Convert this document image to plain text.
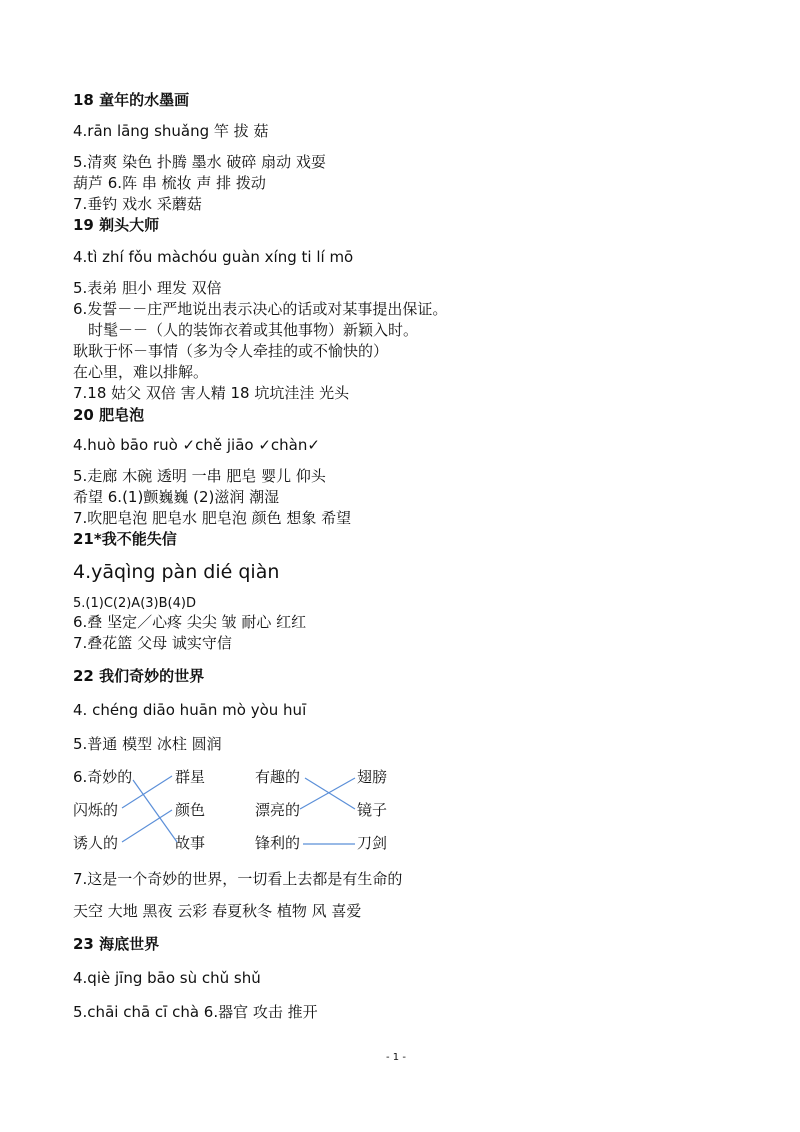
18 童年的水墨画
4.rān lāng shuǎng 竿 拔 菇
5.清爽 染色 扑腾 墨水 破碎 扇动 戏耍
葫芦 6.阵 串 梳妆 声 排 拨动
7.垂钓 戏水 采蘑菇
19 剃头大师
4.tì zhí fǒu màchóu guàn xíng ti lí mō
5.表弟 胆小 理发 双倍
6.发誓－－庄严地说出表示决心的话或对某事提出保证。
时髦－－（人的装饰衣着或其他事物）新颖入时。
耿耿于怀－事情（多为令人牵挂的或不愉快的）
在心里，难以排解。
7.18 姑父 双倍 害人精 18 坑坑洼洼 光头
20 肥皂泡
4.huò bāo ruò ✓chě jiāo ✓chàn✓
5.走廊 木碗 透明 一串 肥皂 婴儿 仰头
希望 6.(1)颤巍巍 (2)滋润 潮湿
7.吹肥皂泡 肥皂水 肥皂泡 颜色 想象 希望
21*我不能失信
4.yāqìng pàn dié qiàn
5.(1)C(2)A(3)B(4)D
6.叠 坚定／心疼 尖尖 皱 耐心 红红
7.叠花篮 父母 诚实守信
22 我们奇妙的世界
4. chéng diāo huān mò yòu huī
5.普通 模型 冰柱 圆润
6.奇妙的
闪烁的
诱人的
群星
颜色
故事
有趣的
漂亮的
锋利的
翅膀
镜子
刀剑
7.这是一个奇妙的世界，一切看上去都是有生命的
天空 大地 黑夜 云彩 春夏秋冬 植物 风 喜爱
23 海底世界
4.qiè jīng bāo sù chǔ shǔ
5.chāi chā cī chà 6.器官 攻击 推开
- 1 -
